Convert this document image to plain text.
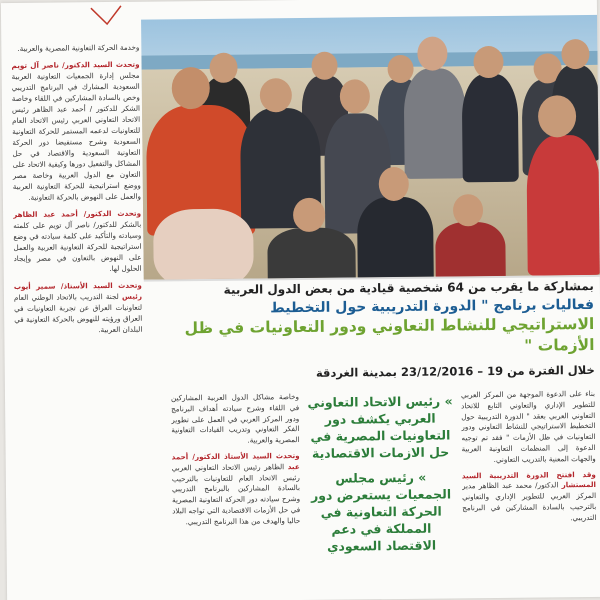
وخدمة الحركة التعاونية المصرية والعربية.

وتحدث السيد الدكتور/ ناصر آل تويم مجلس إدارة الجمعيات التعاونية العربية السعودية المشارك في البرنامج التدريبي وخص بالسادة المشاركين في اللقاء وخاصة الشكر للدكتور / أحمد عبد الظاهر رئيس الاتحاد التعاوني العربي رئيس الاتحاد العام للتعاونيات لدعمه المستمر للحركة التعاونية السعودية وشرح مستفيضا دور الحركة التعاونية السعودية والاقتصاد في حل المشاكل والتفعيل دورها وكيفية الاتحاد على التعاون مع الدول العربية وخاصة مصر ووضع استراتيجية للحركة التعاونية العربية والعمل على النهوض بالحركة التعاونية.

وتحدث الدكتور/ أحمد عبد الظاهر بالشكر للدكتور/ ناصر آل تويم على كلمته وسيادته والتأكيد على كلمة سيادته في وضع استراتيجية للحركة التعاونية العربية والعمل على النهوض بالتعاون في مصر وإيجاد الحلول لها.

وتحدث السيد الأستاذ/ سمير أيوب رئيس لجنة التدريب بالاتحاد الوطني العام لتعاونيات العراق عن تجربة التعاونيات في العراق ورؤيته للنهوض بالحركة التعاونية في البلدان العربية.

بمشاركة ما يقرب من 64 شخصية قيادية من بعض الدول العربية
فعاليات برنامج " الدورة التدريبية حول التخطيط
الاستراتيجي للنشاط التعاوني ودور التعاونيات في ظل الأزمات "
خلال الفترة من 19 – 23/12/2016 بمدينة الغردقة

بناء على الدعوة الموجهة من المركز العربي للتطوير الإداري والتعاوني التابع للاتحاد التعاوني العربي بعقد " الدورة التدريبية حول التخطيط الاستراتيجي للنشاط التعاوني ودور التعاونيات في ظل الأزمات " فقد تم توجيه الدعوة إلى المنظمات التعاونية العربية والجهات المعنية بالتدريب التعاوني.

وقد افتتح الدورة التدريبية السيد المستشار الدكتور/ محمد عبد الظاهر مدير المركز العربي للتطوير الإداري والتعاوني بالترحيب بالسادة المشاركين في البرنامج التدريبي.

» رئيس الاتحاد التعاوني العربي يكشف دور التعاونيات المصرية في حل الازمات الاقتصادية
» رئيس مجلس الجمعيات يستعرض دور الحركة التعاونية في المملكة في دعم الاقتصاد السعودي

وخاصة مشاكل الدول العربية المشاركين في اللقاء وشرح سيادته أهداف البرنامج ودور المركز العربي في العمل على تطوير الفكر التعاوني وتدريب القيادات التعاونية المصرية والعربية.

وتحدث السيد الأستاذ الدكتور/ أحمد عبد الظاهر رئيس الاتحاد التعاوني العربي رئيس الاتحاد العام للتعاونيات بالترحيب بالسادة المشاركين بالبرنامج التدريبي وشرح سيادته دور الحركة التعاونية المصرية في حل الأزمات الاقتصادية التي تواجه البلاد حاليا والهدف من هذا البرنامج التدريبي.
